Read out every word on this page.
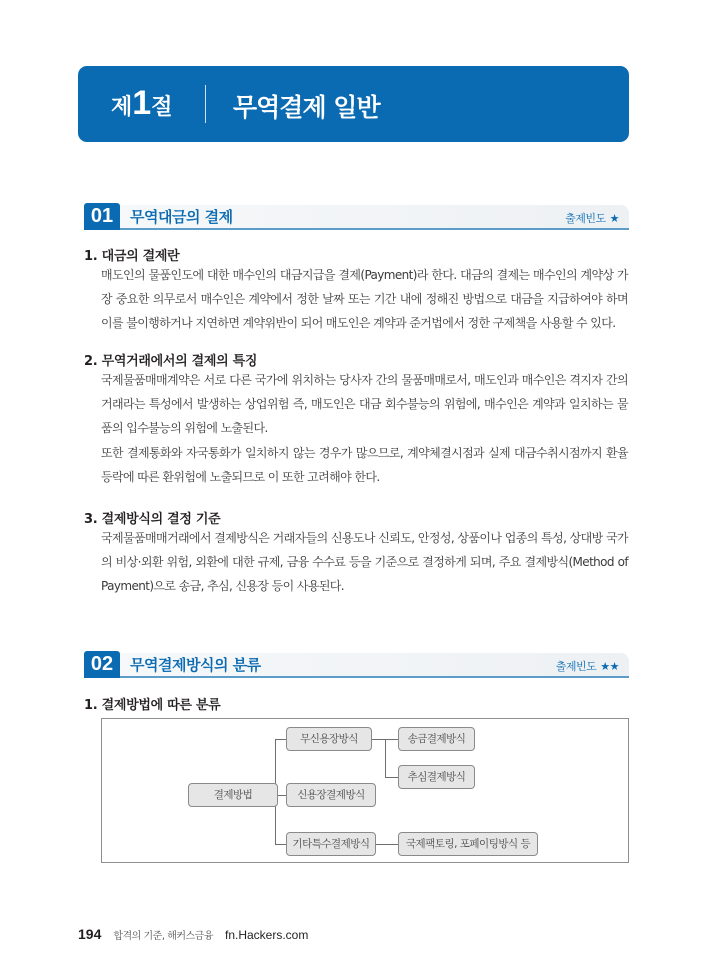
제 1 절 무역결제 일반
01	무역대금의 결제	출제빈도 ★
1. 대금의 결제란
매도인의 물품인도에 대한 매수인의 대금지급을 결제(Payment)라 한다. 대금의 결제는 매수인의 계약상 가장 중요한 의무로서 매수인은 계약에서 정한 날짜 또는 기간 내에 정해진 방법으로 대금을 지급하여야 하며 이를 불이행하거나 지연하면 계약위반이 되어 매도인은 계약과 준거법에서 정한 구제책을 사용할 수 있다.
2. 무역거래에서의 결제의 특징
국제물품매매계약은 서로 다른 국가에 위치하는 당사자 간의 물품매매로서, 매도인과 매수인은 격지자 간의 거래라는 특성에서 발생하는 상업위험 즉, 매도인은 대금 회수불능의 위험에, 매수인은 계약과 일치하는 물품의 입수불능의 위험에 노출된다.
또한 결제통화와 자국통화가 일치하지 않는 경우가 많으므로, 계약체결시점과 실제 대금수취시점까지 환율등락에 따른 환위험에 노출되므로 이 또한 고려해야 한다.
3. 결제방식의 결정 기준
국제물품매매거래에서 결제방식은 거래자들의 신용도나 신뢰도, 안정성, 상품이나 업종의 특성, 상대방 국가의 비상·외환 위험, 외환에 대한 규제, 금융 수수료 등을 기준으로 결정하게 되며, 주요 결제방식(Method of Payment)으로 송금, 추심, 신용장 등이 사용된다.
02	무역결제방식의 분류	출제빈도 ★★
1. 결제방법에 따른 분류
결제방법
무신용장방식
신용장결제방식
기타특수결제방식
송금결제방식
추심결제방식
국제팩토링, 포페이팅방식 등
194 합격의 기준, 해커스금융 fn.Hackers.com
